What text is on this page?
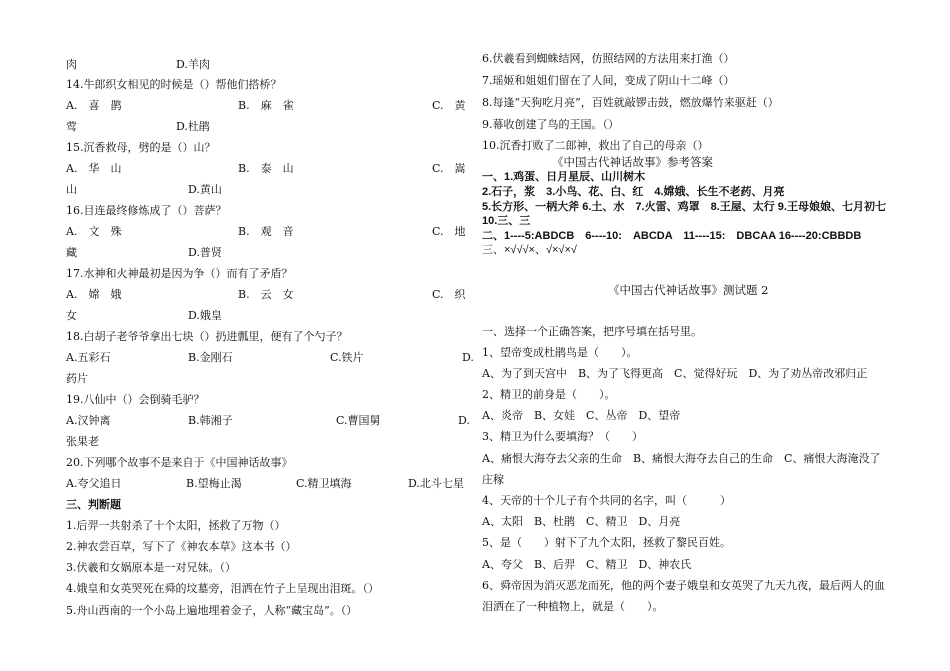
肉	D.羊肉
14.牛郎织女相见的时候是（）帮他们搭桥？
A.　喜　鹊	B.　麻　雀	C.　黄
莺	D.杜鹃
15.沉香救母，劈的是（）山？
A.　华　山	B.　泰　山	C.　嵩
山	D.黄山
16.目连最终修炼成了（）菩萨？
A.　文　殊	B.　观　音	C.　地
藏	D.普贤
17.水神和火神最初是因为争（）而有了矛盾？
A.　嫦　娥	B.　云　女	C.　织
女	D.娥皇
18.白胡子老爷爷拿出七块（）扔进瓢里，便有了个勺子？
A.五彩石	B.金刚石	C.铁片	D.
药片
19.八仙中（）会倒骑毛驴？
A.汉钟离	B.韩湘子	C.曹国舅	D.
张果老
20.下列哪个故事不是来自于《中国神话故事》
A.夸父追日	B.望梅止渴	C.精卫填海	D.北斗七星
三、判断题
1.后羿一共射杀了十个太阳，拯救了万物（）
2.神农尝百草，写下了《神农本草》这本书（）
3.伏羲和女娲原本是一对兄妹。（）
4.娥皇和女英哭死在舜的坟墓旁，泪洒在竹子上呈现出泪斑。（）
5.舟山西南的一个小岛上遍地埋着金子，人称“藏宝岛”。（）
6.伏羲看到蜘蛛结网，仿照结网的方法用来打渔（）
7.瑶姬和姐姐们留在了人间，变成了阴山十二峰（）
8.每逢“天狗吃月亮”，百姓就敲锣击鼓，燃放爆竹来驱赶（）
9.幕收创建了鸟的王国。（）
10.沉香打败了二郎神，救出了自己的母亲（）
《中国古代神话故事》参考答案
一、1.鸡蛋、日月星辰、山川树木
2.石子，浆　3.小鸟、花、白、红　4.嫦娥、长生不老药、月亮
5.长方形、一柄大斧 6.土、水　7.火雷、鸡罩　8.王屋、太行 9.王母娘娘、七月初七
10.三、三
二、1----5:ABDCB　6----10:　ABCDA　11----15:　DBCAA 16----20:CBBDB
三、×√√√×、√×√×√
《中国古代神话故事》测试题 2
一、选择一个正确答案，把序号填在括号里。
1、望帝变成杜鹃鸟是（　　）。
A、为了到天宫中　B、为了飞得更高　C、觉得好玩　D、为了劝丛帝改邪归正
2、精卫的前身是（　　）。
A、炎帝　B、女娃　C、丛帝　D、望帝
3、精卫为什么要填海？（　　）
A、痛恨大海夺去父亲的生命　B、痛恨大海夺去自己的生命　C、痛恨大海淹没了
庄稼
4、天帝的十个儿子有个共同的名字，叫（　　　）
A、太阳　B、杜鹃　C、精卫　D、月亮
5、是（　　）射下了九个太阳，拯救了黎民百姓。
A、夸父　B、后羿　C、精卫　D、神农氏
6、舜帝因为消灭恶龙而死，他的两个妻子娥皇和女英哭了九天九夜，最后两人的血
泪洒在了一种植物上，就是（　　）。
